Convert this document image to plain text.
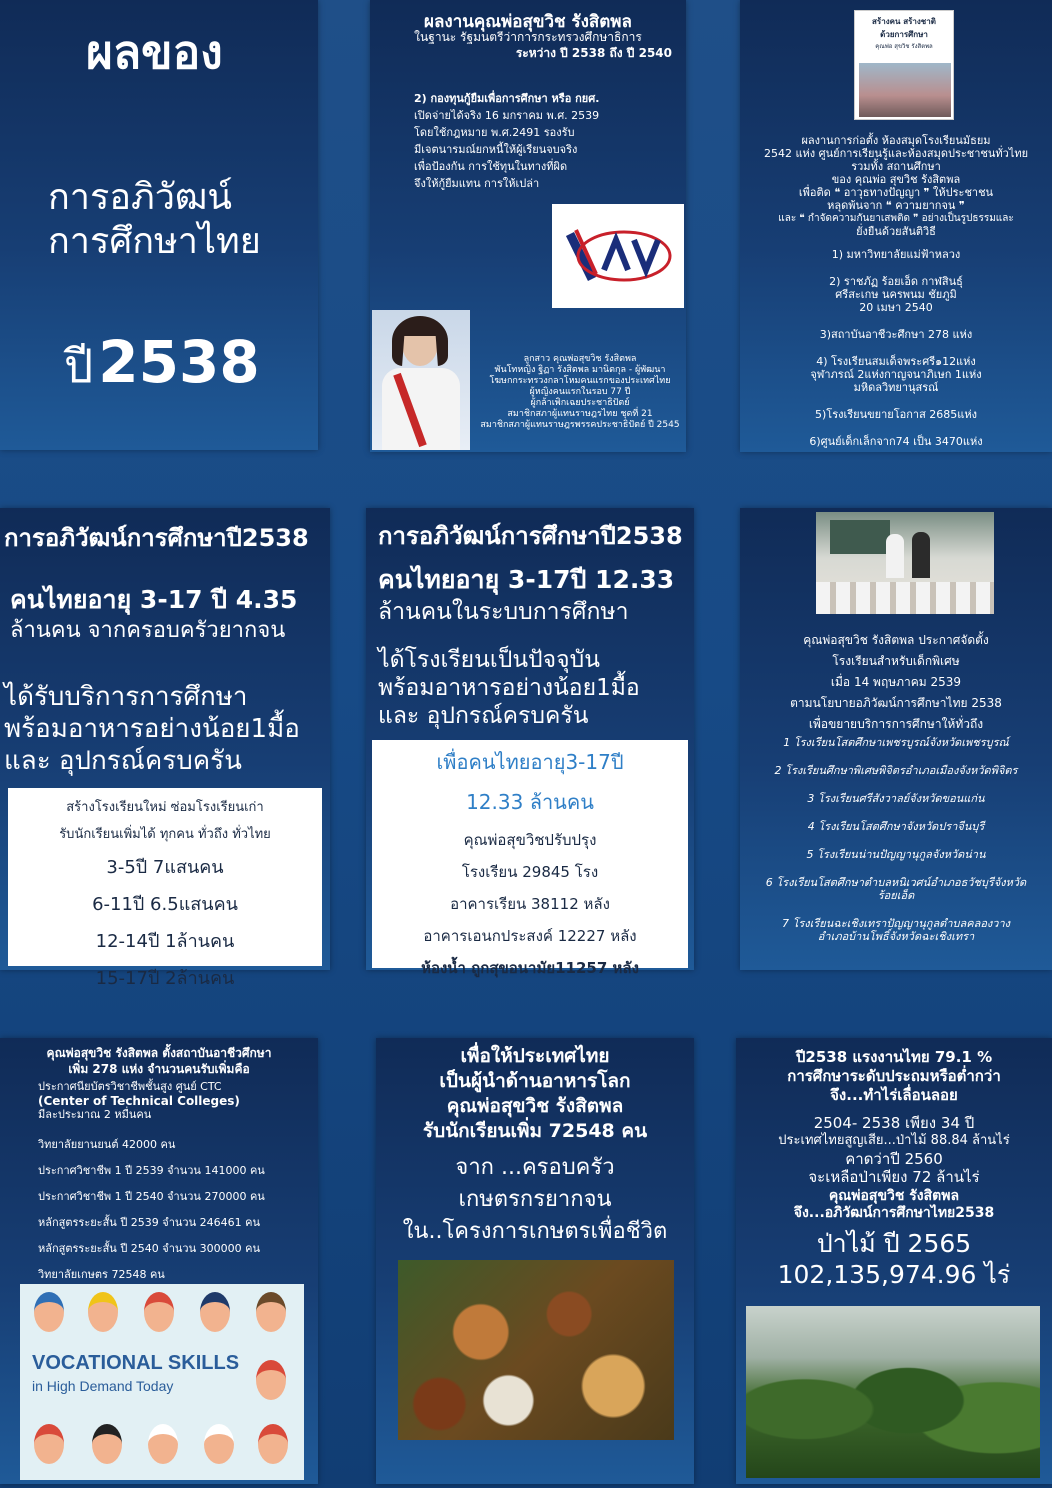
ผลของ
การอภิวัฒน์
การศึกษาไทย
ปี 2538
ผลงานคุณพ่อสุขวิช รังสิตพล
ในฐานะ รัฐมนตรีว่าการกระทรวงศึกษาธิการ
ระหว่าง ปี 2538 ถึง ปี 2540
2) กองทุนกู้ยืมเพื่อการศึกษา หรือ กยศ.
เปิดจ่ายได้จริง 16 มกราคม พ.ศ. 2539
โดยใช้กฎหมาย พ.ศ.2491 รองรับ
มีเจตนารมณ์ยกหนี้ให้ผู้เรียนจบจริง
เพื่อป้องกัน การใช้ทุนในทางที่ผิด
จึงให้กู้ยืมแทน การให้เปล่า
ลูกสาว คุณพ่อสุขวิช รังสิตพล
พันโทหญิง ฐิฏา รังสิตพล มานิตกุล - ผู้พัฒนา
โฆษกกระทรวงกลาโหมคนแรกของประเทศไทย
ผู้หญิงคนแรกในรอบ 77 ปี
ผู้กล้าเพิกเฉยประชาธิปัตย์
สมาชิกสภาผู้แทนราษฎรไทย ชุดที่ 21
สมาชิกสภาผู้แทนราษฎรพรรคประชาธิปัตย์ ปี 2545
สร้างคน สร้างชาติ
ด้วยการศึกษา
คุณพ่อ สุขวิช รังสิตพล
ผลงานการก่อตั้ง ห้องสมุดโรงเรียนมัธยม
2542 แห่ง ศูนย์การเรียนรู้และห้องสมุดประชาชนทั่วไทย
รวมทั้ง สถานศึกษา
ของ คุณพ่อ สุขวิช รังสิตพล
เพื่อติด ❝ อาวุธทางปัญญา ❞ ให้ประชาชน
หลุดพ้นจาก ❝ ความยากจน ❞
และ ❝ กำจัดความกันยาเสพติด ❞ อย่างเป็นรูปธรรมและ
ยั่งยืนด้วยสันติวิธี
1) มหาวิทยาลัยแม่ฟ้าหลวง
2) ราชภัฏ ร้อยเอ็ด กาฬสินธุ์
ศรีสะเกษ นครพนม ชัยภูมิ
20 เมษา 2540
3)สถาบันอาชีวะศึกษา 278 แห่ง
4) โรงเรียนสมเด็จพระศรี๑12แห่ง
จุฬาภรณ์ 2แห่งกาญจนาภิเษก 1แห่ง
มหิดลวิทยานุสรณ์
5)โรงเรียนขยายโอกาส 2685แห่ง
6)ศูนย์เด็กเล็กจาก74 เป็น 3470แห่ง
การอภิวัฒน์การศึกษาปี2538
คนไทยอายุ 3-17 ปี 4.35
ล้านคน จากครอบครัวยากจน
ได้รับบริการการศึกษา
พร้อมอาหารอย่างน้อย1มื้อ
และ อุปกรณ์ครบครัน
สร้างโรงเรียนใหม่ ซ่อมโรงเรียนเก่า
รับนักเรียนเพิ่มได้ ทุกคน ทั่วถึง ทั่วไทย
3-5ปี 7แสนคน
6-11ปี 6.5แสนคน
12-14ปี 1ล้านคน
15-17ปี 2ล้านคน
การอภิวัฒน์การศึกษาปี2538
คนไทยอายุ 3-17ปี 12.33
ล้านคนในระบบการศึกษา
ได้โรงเรียนเป็นปัจจุบัน
พร้อมอาหารอย่างน้อย1มื้อ
และ อุปกรณ์ครบครัน
เพื่อคนไทยอายุ3-17ปี
12.33 ล้านคน
คุณพ่อสุขวิชปรับปรุง
โรงเรียน 29845 โรง
อาคารเรียน 38112 หลัง
อาคารเอนกประสงค์ 12227 หลัง
ห้องน้ำ ถูกสุขอนามัย11257 หลัง
คุณพ่อสุขวิช รังสิตพล ประกาศจัดตั้ง
โรงเรียนสำหรับเด็กพิเศษ
เมื่อ 14 พฤษภาคม 2539
ตามนโยบายอภิวัฒน์การศึกษาไทย 2538
เพื่อขยายบริการการศึกษาให้ทั่วถึง
1 โรงเรียนโสตศึกษาเพชรบูรณ์จังหวัดเพชรบูรณ์
2 โรงเรียนศึกษาพิเศษพิจิตรอำเภอเมืองจังหวัดพิจิตร
3 โรงเรียนศรีสังวาลย์จังหวัดขอนแก่น
4 โรงเรียนโสตศึกษาจังหวัดปราจีนบุรี
5 โรงเรียนน่านปัญญานุกูลจังหวัดน่าน
6 โรงเรียนโสตศึกษาตำบลหนิเวศน์อำเภอธวัชบุรีจังหวัด
ร้อยเอ็ด
7 โรงเรียนฉะเชิงเทราปัญญานุกูลตำบลคลองวาง
อำเภอบ้านโพธิ์จังหวัดฉะเชิงเทรา
คุณพ่อสุขวิช รังสิตพล ตั้งสถาบันอาชีวศึกษา
เพิ่ม 278 แห่ง จำนวนคนรับเพิ่มคือ
ประกาศนียบัตรวิชาชีพชั้นสูง ศูนย์ CTC
(Center of Technical Colleges)
มีละประมาณ 2 หมื่นคน
วิทยาลัยยานยนต์ 42000 คน
ประกาศวิชาชีพ 1 ปี 2539 จำนวน 141000 คน
ประกาศวิชาชีพ 1 ปี 2540 จำนวน 270000 คน
หลักสูตรระยะสั้น ปี 2539 จำนวน 246461 คน
หลักสูตรระยะสั้น ปี 2540 จำนวน 300000 คน
วิทยาลัยเกษตร 72548 คน
VOCATIONAL SKILLS
in High Demand Today
เพื่อให้ประเทศไทย
เป็นผู้นำด้านอาหารโลก
คุณพ่อสุขวิช รังสิตพล
รับนักเรียนเพิ่ม 72548 คน
จาก ...ครอบครัว
เกษตรกรยากจน
ใน..โครงการเกษตรเพื่อชีวิต
ปี2538 แรงงานไทย 79.1 %
การศึกษาระดับประถมหรือต่ำกว่า
จึง...ทำไร่เลื่อนลอย
2504- 2538 เพียง 34 ปี
ประเทศไทยสูญเสีย...ป่าไม้ 88.84 ล้านไร่
คาดว่าปี 2560
จะเหลือป่าเพียง 72 ล้านไร่
คุณพ่อสุขวิช รังสิตพล
จึง...อภิวัฒน์การศึกษาไทย2538
ป่าไม้ ปี 2565
102,135,974.96 ไร่
